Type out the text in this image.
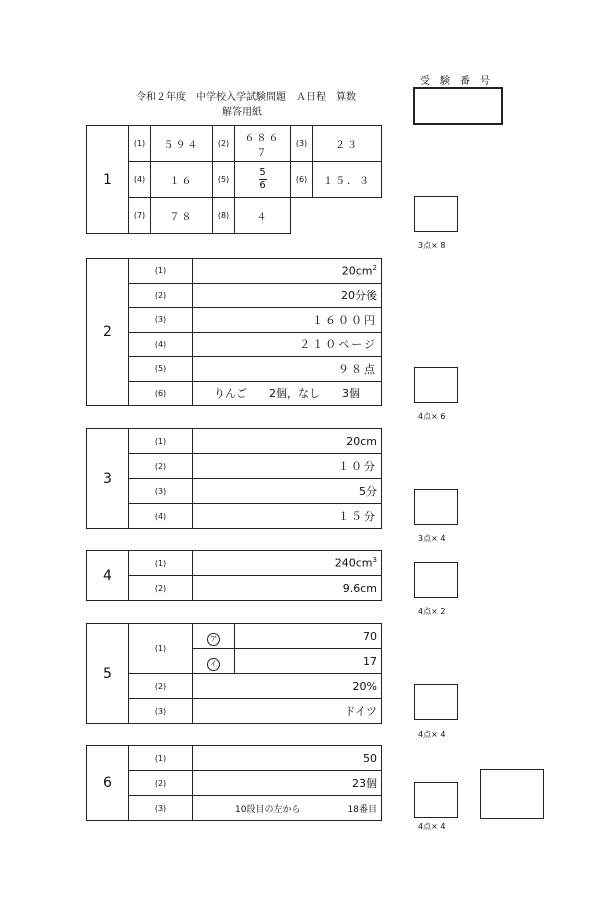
令和２年度　中学校入学試験問題　Ａ日程　算数
解答用紙
受　験　番　号
1	(1)	５９４	(2)	６８６７	(3)	２３
	(4)	１６	(5)	$\frac{5}{6}$	(6)	１５．３
	(7)	７８	(8)	４		
3点× 8
2	(1)	$20cm^2$
	(2)	20分後
	(3)	１６００円
	(4)	２１０ページ
	(5)	９８点
	(6)	りんご　　2個，なし　　3個
4点× 6
3	(1)	20cm
	(2)	１０分
	(3)	5分
	(4)	１５分
3点× 4
4	(1)	$240cm^3$
	(2)	9.6cm
4点× 2
5	(1)	ア	70
		イ	17
	(2)	20%	
	(3)	ドイツ	
4点× 4
6	(1)	50
	(2)	23個
	(3)	10段目の左から 18番目
4点× 4
